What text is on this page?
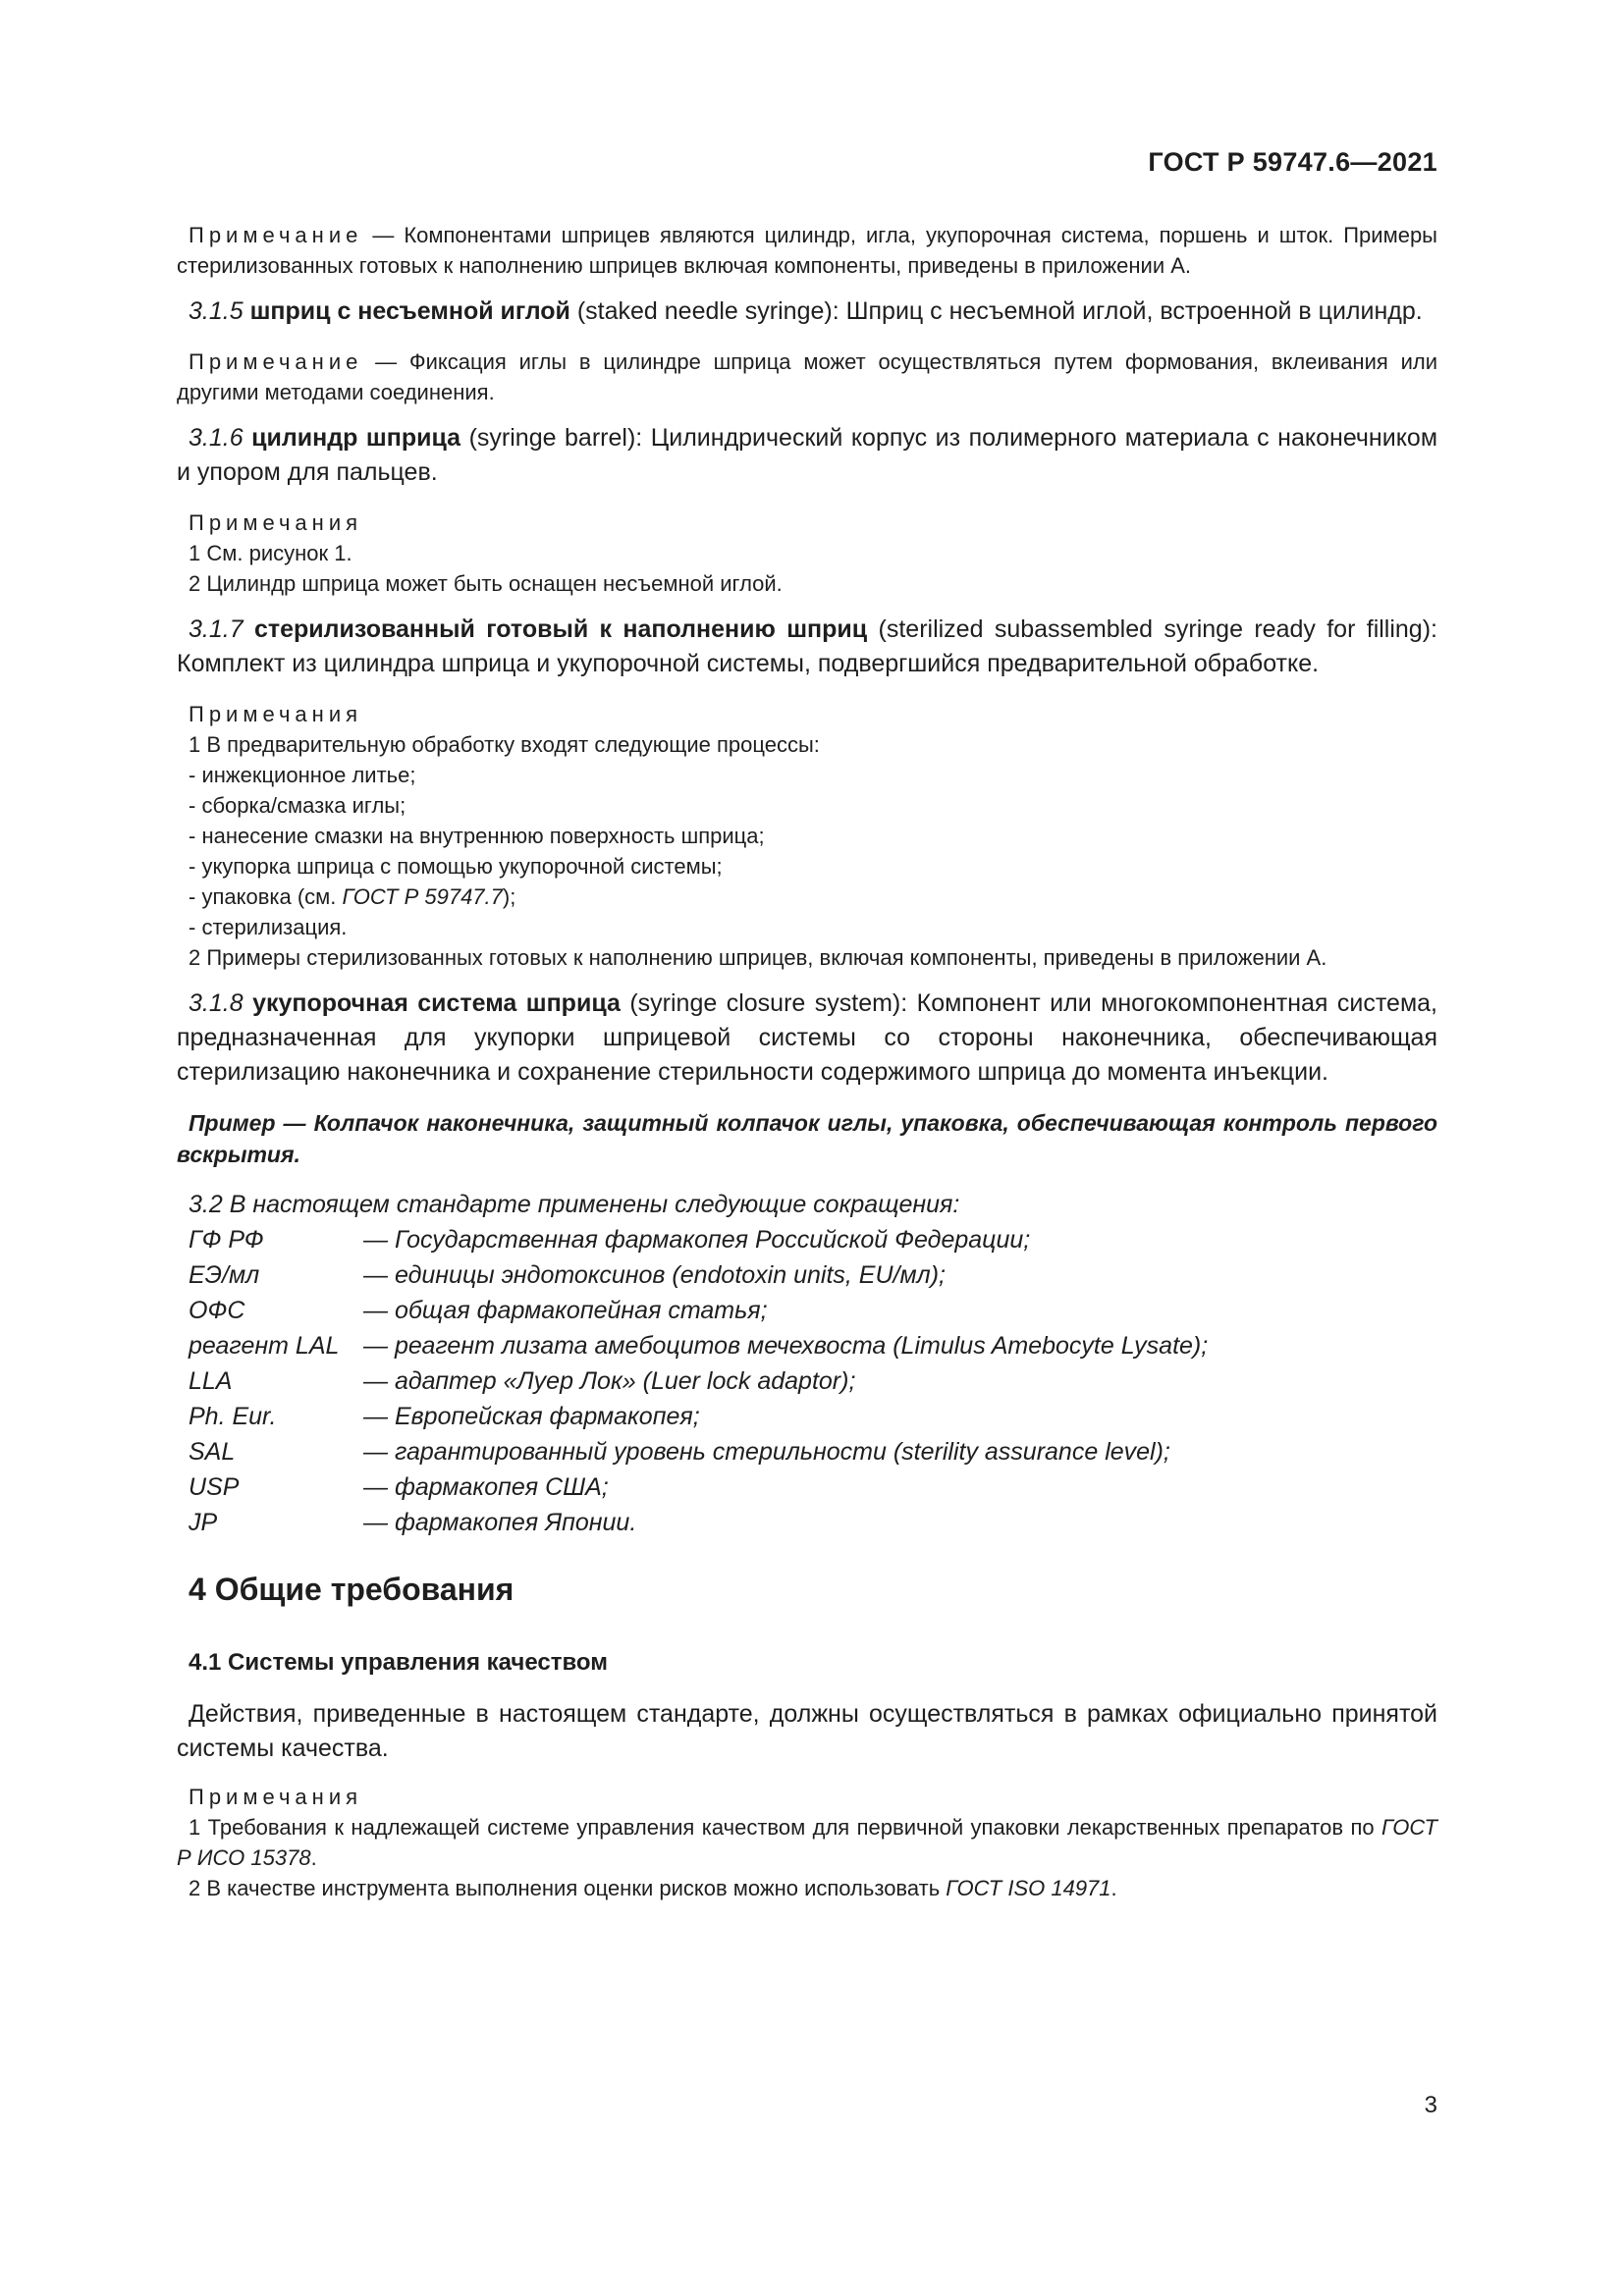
ГОСТ Р 59747.6—2021

Примечание — Компонентами шприцев являются цилиндр, игла, укупорочная система, поршень и шток. Примеры стерилизованных готовых к наполнению шприцев включая компоненты, приведены в приложении А.

3.1.5 шприц с несъемной иглой (staked needle syringe): Шприц с несъемной иглой, встроенной в цилиндр.

Примечание — Фиксация иглы в цилиндре шприца может осуществляться путем формования, вклеивания или другими методами соединения.

3.1.6 цилиндр шприца (syringe barrel): Цилиндрический корпус из полимерного материала с наконечником и упором для пальцев.

Примечания
1 См. рисунок 1.
2 Цилиндр шприца может быть оснащен несъемной иглой.

3.1.7 стерилизованный готовый к наполнению шприц (sterilized subassembled syringe ready for filling): Комплект из цилиндра шприца и укупорочной системы, подвергшийся предварительной обработке.

Примечания
1 В предварительную обработку входят следующие процессы:
- инжекционное литье;
- сборка/смазка иглы;
- нанесение смазки на внутреннюю поверхность шприца;
- укупорка шприца с помощью укупорочной системы;
- упаковка (см. ГОСТ Р 59747.7);
- стерилизация.
2 Примеры стерилизованных готовых к наполнению шприцев, включая компоненты, приведены в приложении А.

3.1.8 укупорочная система шприца (syringe closure system): Компонент или многокомпонентная система, предназначенная для укупорки шприцевой системы со стороны наконечника, обеспечивающая стерилизацию наконечника и сохранение стерильности содержимого шприца до момента инъекции.

Пример — Колпачок наконечника, защитный колпачок иглы, упаковка, обеспечивающая контроль первого вскрытия.

3.2 В настоящем стандарте применены следующие сокращения:

ГФ РФ	— Государственная фармакопея Российской Федерации;
ЕЭ/мл	— единицы эндотоксинов (endotoxin units, EU/мл);
ОФС	— общая фармакопейная статья;
реагент LAL — реагент лизата амебоцитов мечехвоста (Limulus Amebocyte Lysate);
LLA	— адаптер «Луер Лок» (Luer lock adaptor);
Ph. Eur.	— Европейская фармакопея;
SAL	— гарантированный уровень стерильности (sterility assurance level);
USP	— фармакопея США;
JP	— фармакопея Японии.
4 Общие требования
4.1 Системы управления качеством

Действия, приведенные в настоящем стандарте, должны осуществляться в рамках официально принятой системы качества.

Примечания
1 Требования к надлежащей системе управления качеством для первичной упаковки лекарственных препаратов по ГОСТ Р ИСО 15378.
2 В качестве инструмента выполнения оценки рисков можно использовать ГОСТ ISO 14971.
3
